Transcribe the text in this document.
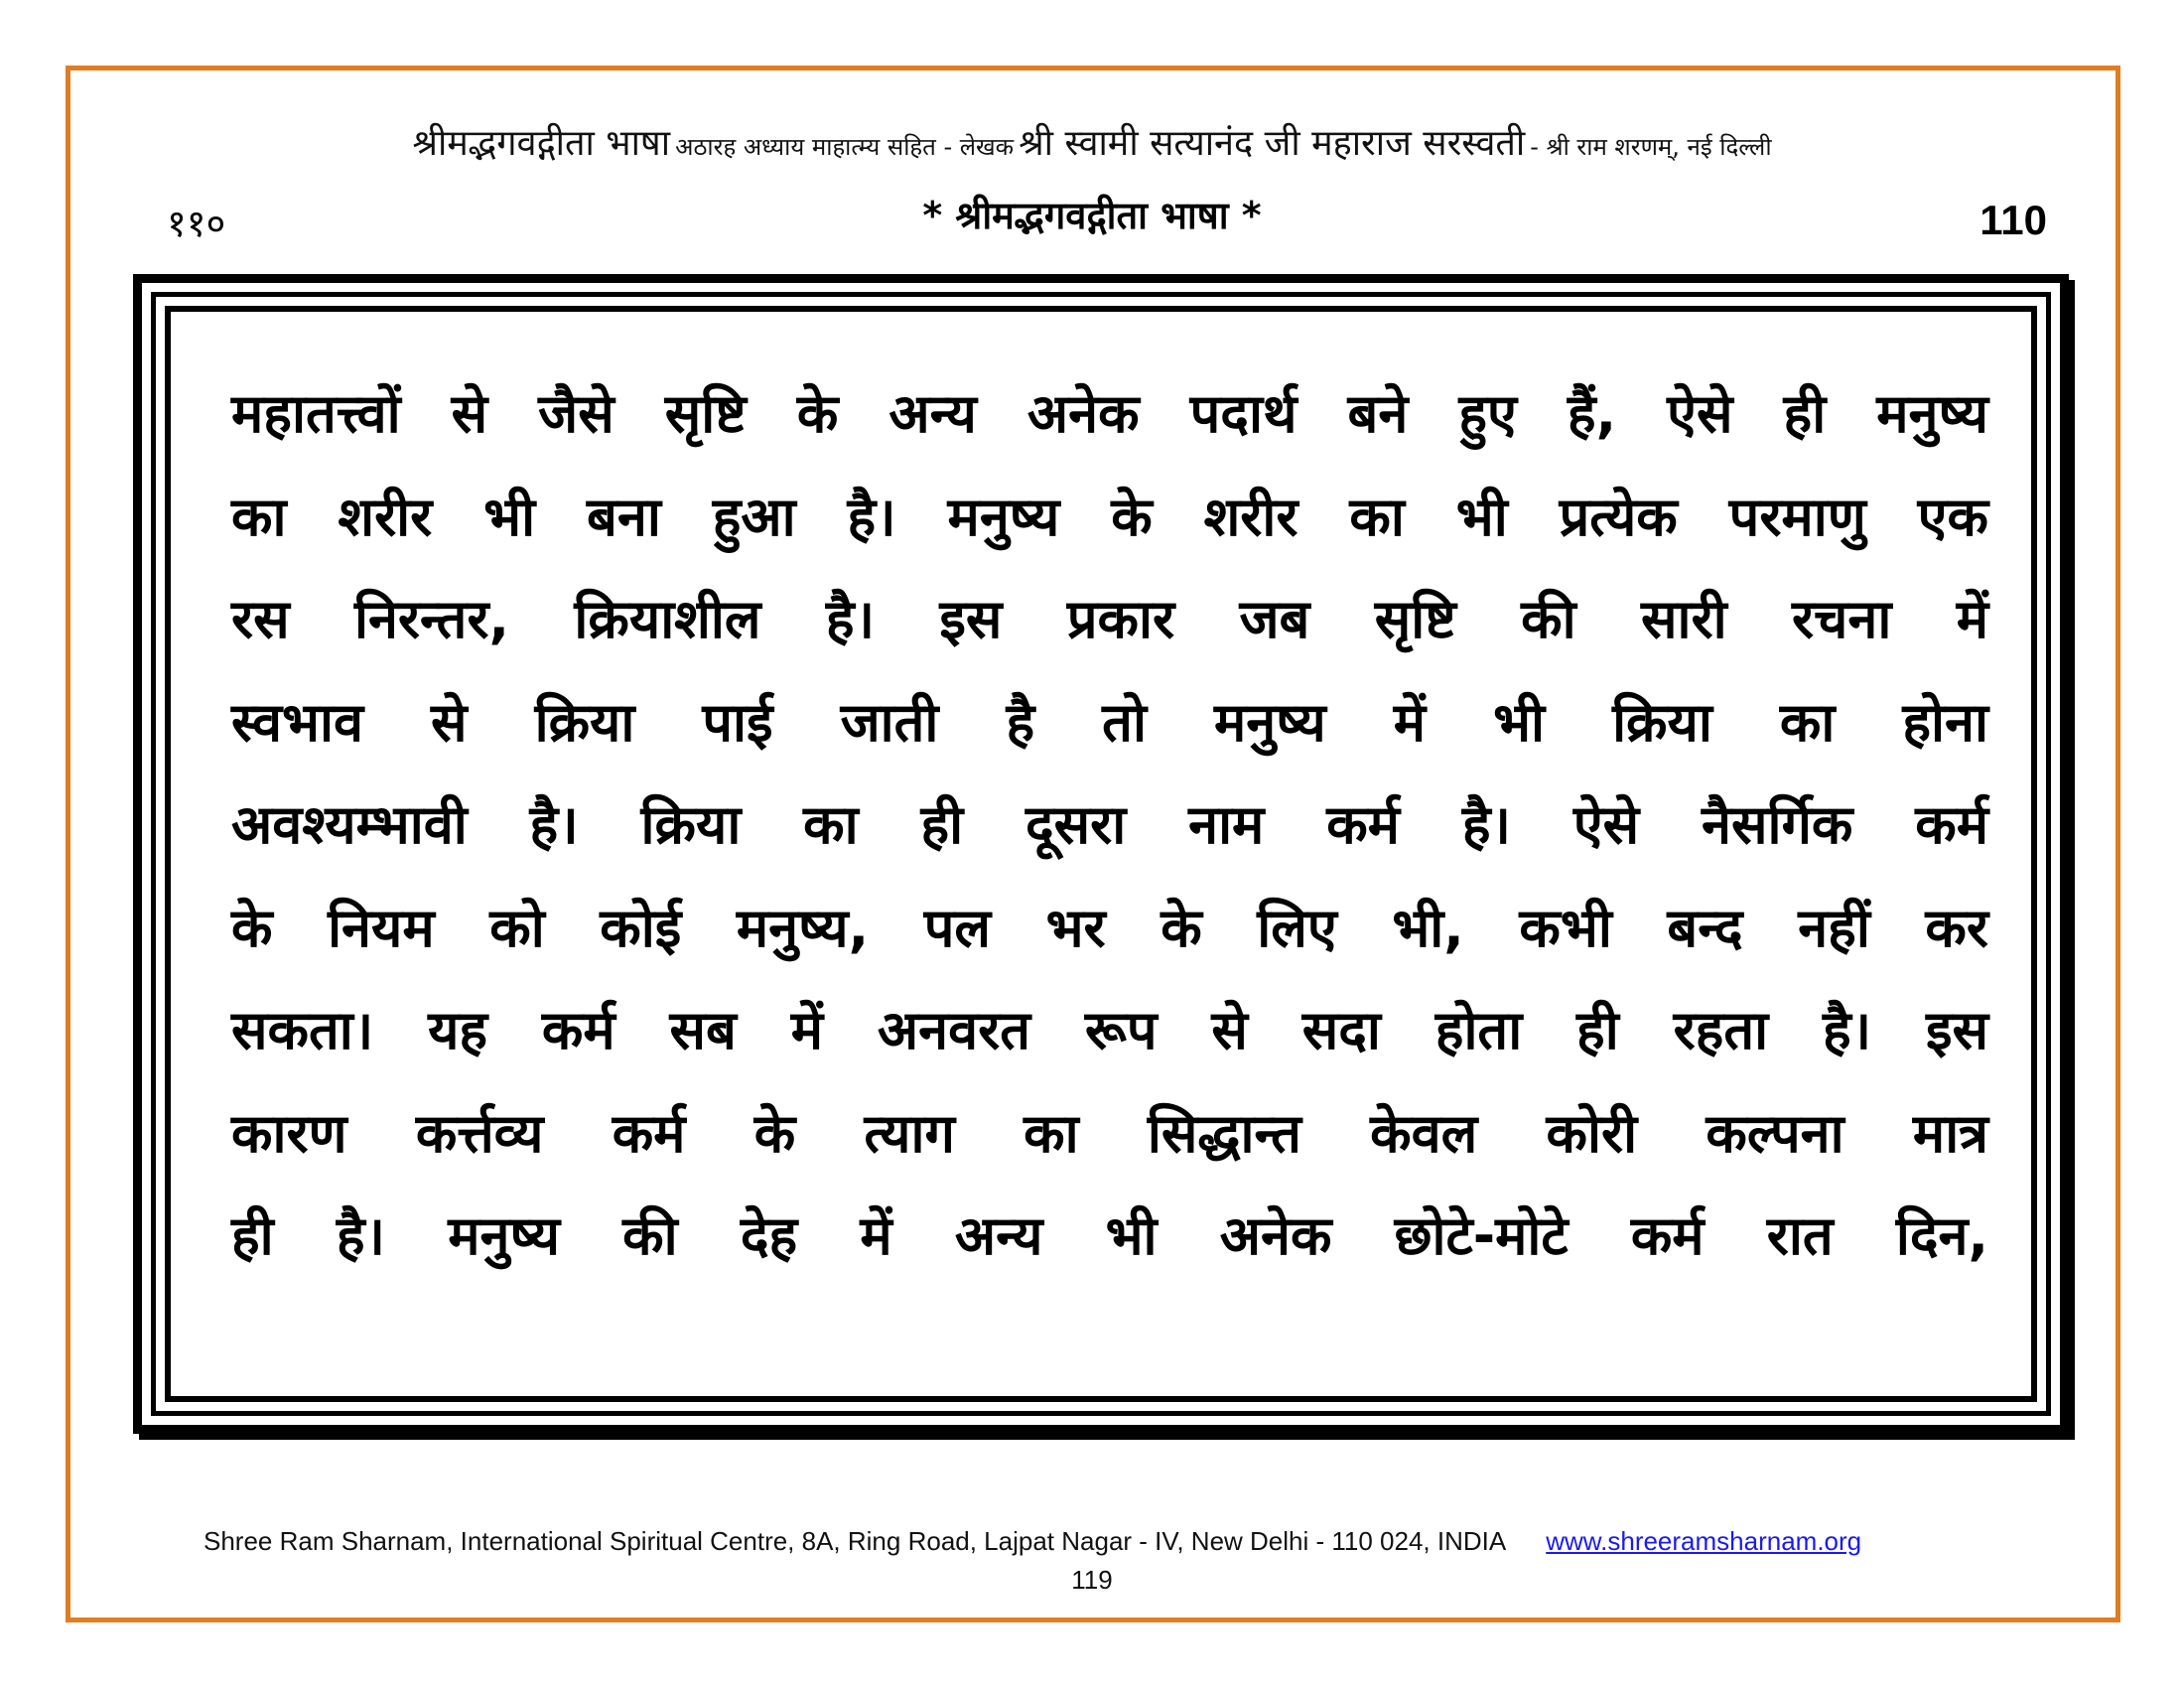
श्रीमद्भगवद्गीता भाषा अठारह अध्याय माहात्म्य सहित - लेखक श्री स्वामी सत्यानंद जी महाराज सरस्वती - श्री राम शरणम्, नई दिल्ली
११०	* श्रीमद्भगवद्गीता भाषा *	110
महातत्त्वों से जैसे सृष्टि के अन्य अनेक पदार्थ बने हुए हैं, ऐसे ही मनुष्य
का शरीर भी बना हुआ है। मनुष्य के शरीर का भी प्रत्येक परमाणु एक
रस निरन्तर, क्रियाशील है। इस प्रकार जब सृष्टि की सारी रचना में
स्वभाव से क्रिया पाई जाती है तो मनुष्य में भी क्रिया का होना
अवश्यम्भावी है। क्रिया का ही दूसरा नाम कर्म है। ऐसे नैसर्गिक कर्म
के नियम को कोई मनुष्य, पल भर के लिए भी, कभी बन्द नहीं कर
सकता। यह कर्म सब में अनवरत रूप से सदा होता ही रहता है। इस
कारण कर्त्तव्य कर्म के त्याग का सिद्धान्त केवल कोरी कल्पना मात्र
ही है। मनुष्य की देह में अन्य भी अनेक छोटे-मोटे कर्म रात दिन,
Shree Ram Sharnam, International Spiritual Centre, 8A, Ring Road, Lajpat Nagar - IV, New Delhi - 110 024, INDIA www.shreeramsharnam.org
119
